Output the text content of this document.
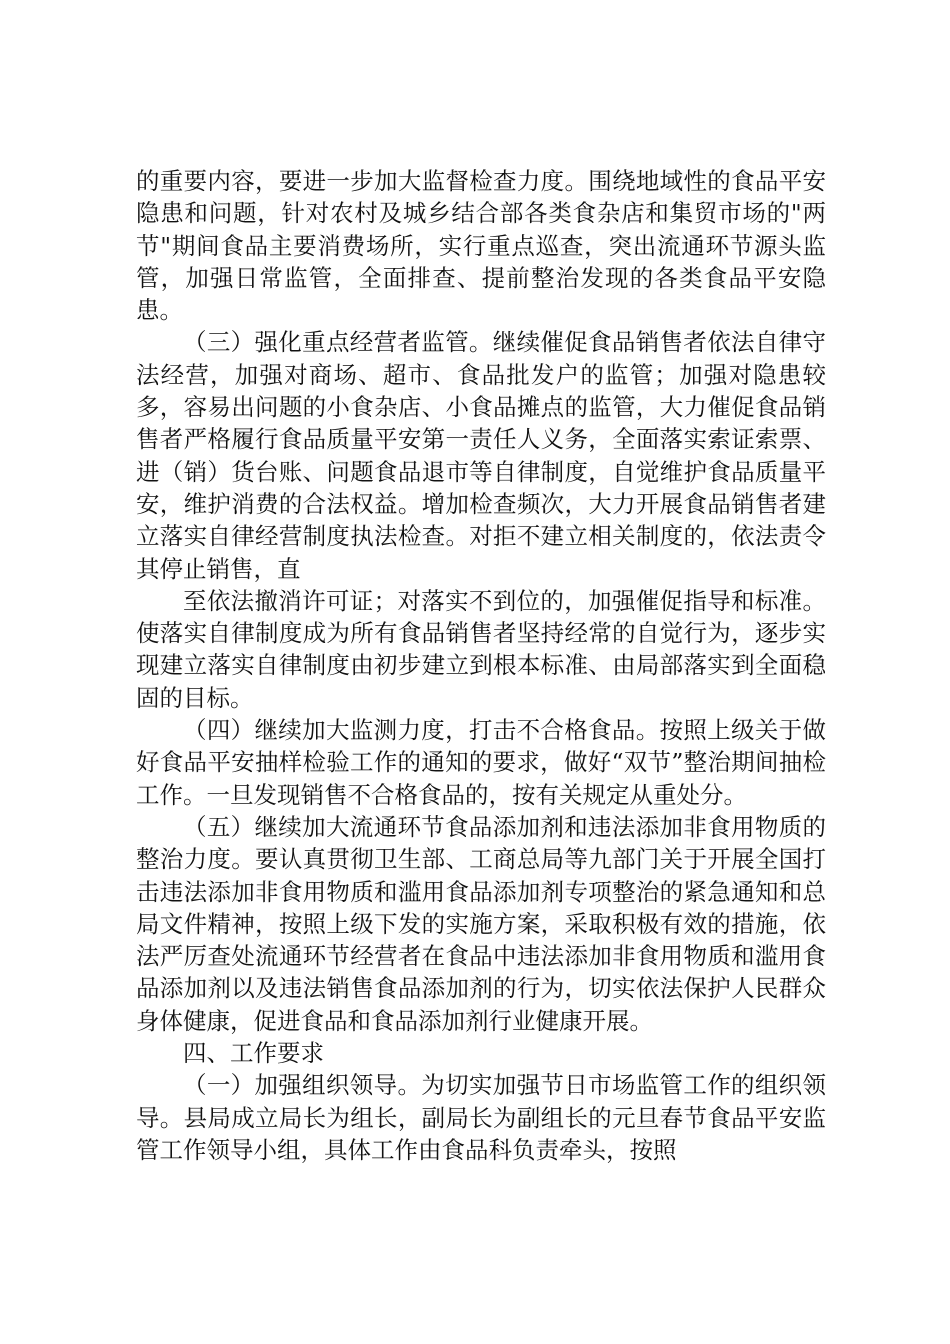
的重要内容，要进一步加大监督检查力度。围绕地域性的食品平安隐患和问题，针对农村及城乡结合部各类食杂店和集贸市场的"两节"期间食品主要消费场所，实行重点巡查，突出流通环节源头监管，加强日常监管，全面排查、提前整治发现的各类食品平安隐患。

（三）强化重点经营者监管。继续催促食品销售者依法自律守法经营，加强对商场、超市、食品批发户的监管；加强对隐患较多，容易出问题的小食杂店、小食品摊点的监管，大力催促食品销售者严格履行食品质量平安第一责任人义务，全面落实索证索票、进（销）货台账、问题食品退市等自律制度，自觉维护食品质量平安，维护消费的合法权益。增加检查频次，大力开展食品销售者建立落实自律经营制度执法检查。对拒不建立相关制度的，依法责令其停止销售，直

至依法撤消许可证；对落实不到位的，加强催促指导和标准。使落实自律制度成为所有食品销售者坚持经常的自觉行为，逐步实现建立落实自律制度由初步建立到根本标准、由局部落实到全面稳固的目标。

（四）继续加大监测力度，打击不合格食品。按照上级关于做好食品平安抽样检验工作的通知的要求，做好“双节”整治期间抽检工作。一旦发现销售不合格食品的，按有关规定从重处分。

（五）继续加大流通环节食品添加剂和违法添加非食用物质的整治力度。要认真贯彻卫生部、工商总局等九部门关于开展全国打击违法添加非食用物质和滥用食品添加剂专项整治的紧急通知和总局文件精神，按照上级下发的实施方案，采取积极有效的措施，依法严厉查处流通环节经营者在食品中违法添加非食用物质和滥用食品添加剂以及违法销售食品添加剂的行为，切实依法保护人民群众身体健康，促进食品和食品添加剂行业健康开展。

四、工作要求

（一）加强组织领导。为切实加强节日市场监管工作的组织领导。县局成立局长为组长，副局长为副组长的元旦春节食品平安监管工作领导小组，具体工作由食品科负责牵头，按照
